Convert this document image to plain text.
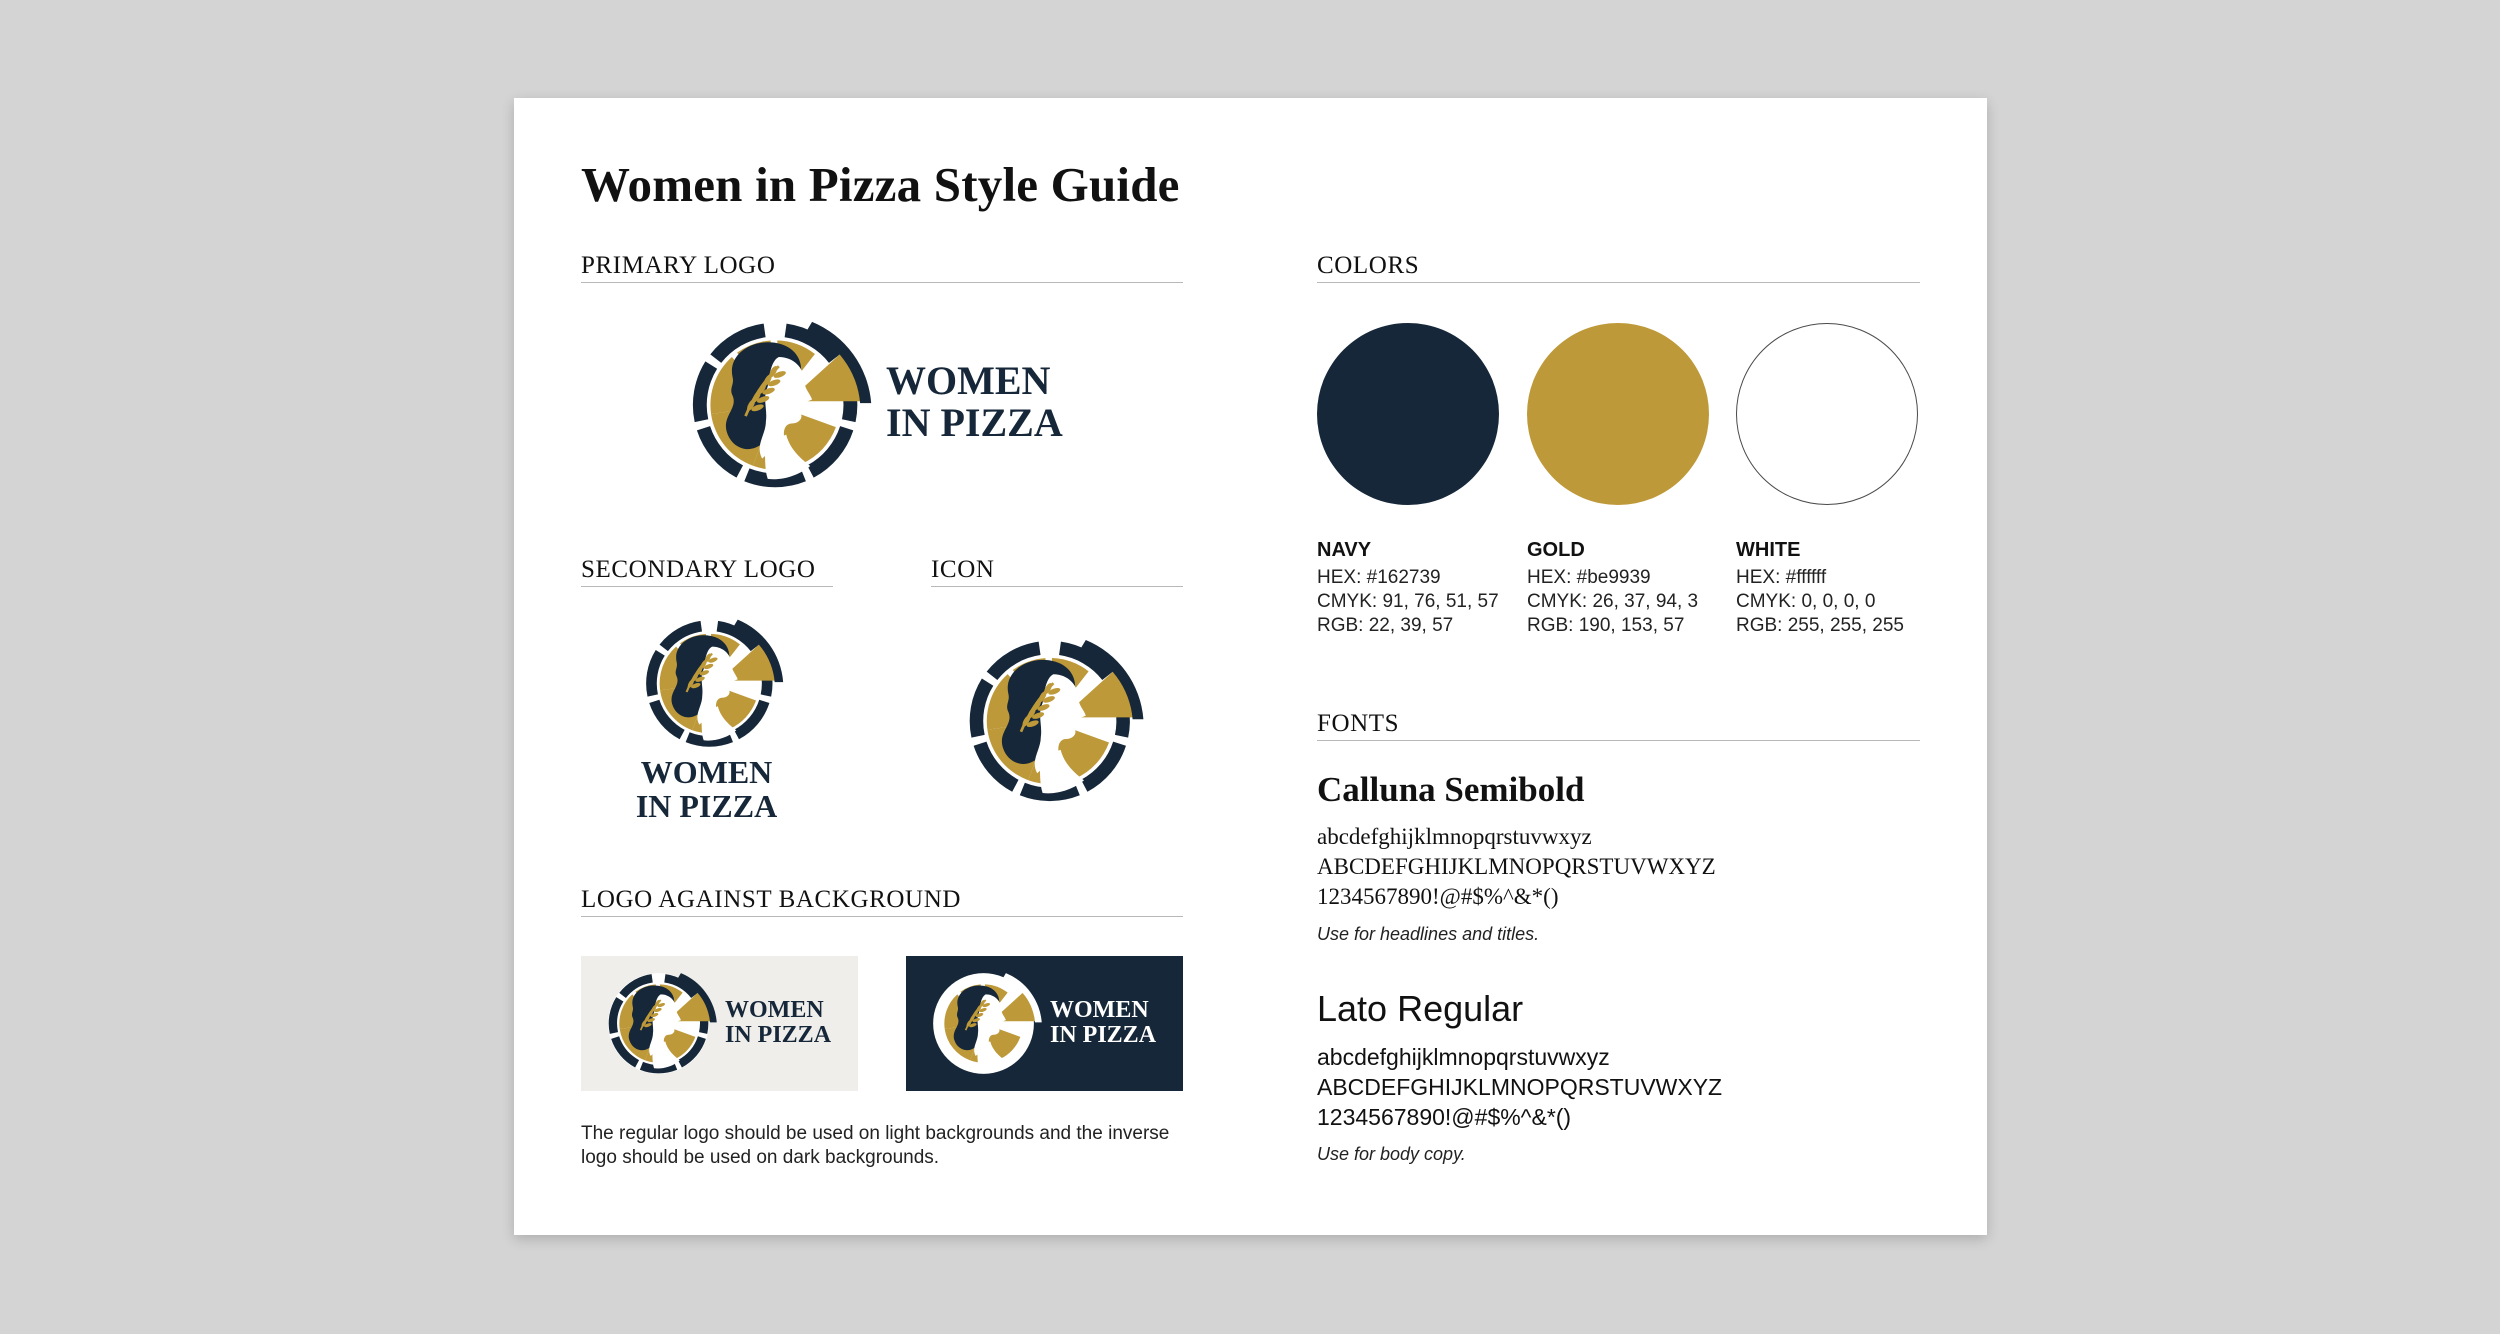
Women in Pizza Style Guide
PRIMARY LOGO
WOMEN
IN PIZZA
SECONDARY LOGO
WOMEN
IN PIZZA
ICON
LOGO AGAINST BACKGROUND
WOMEN
IN PIZZA
WOMEN
IN PIZZA
The regular logo should be used on light backgrounds and the inverse logo should be used on dark backgrounds.
COLORS
NAVY
HEX: #162739
CMYK: 91, 76, 51, 57
RGB: 22, 39, 57
GOLD
HEX: #be9939
CMYK: 26, 37, 94, 3
RGB: 190, 153, 57
WHITE
HEX: #ffffff
CMYK: 0, 0, 0, 0
RGB: 255, 255, 255
FONTS
Calluna Semibold
abcdefghijklmnopqrstuvwxyz
ABCDEFGHIJKLMNOPQRSTUVWXYZ
1234567890!@#$%^&*()
Use for headlines and titles.
Lato Regular
abcdefghijklmnopqrstuvwxyz
ABCDEFGHIJKLMNOPQRSTUVWXYZ
1234567890!@#$%^&*()
Use for body copy.
